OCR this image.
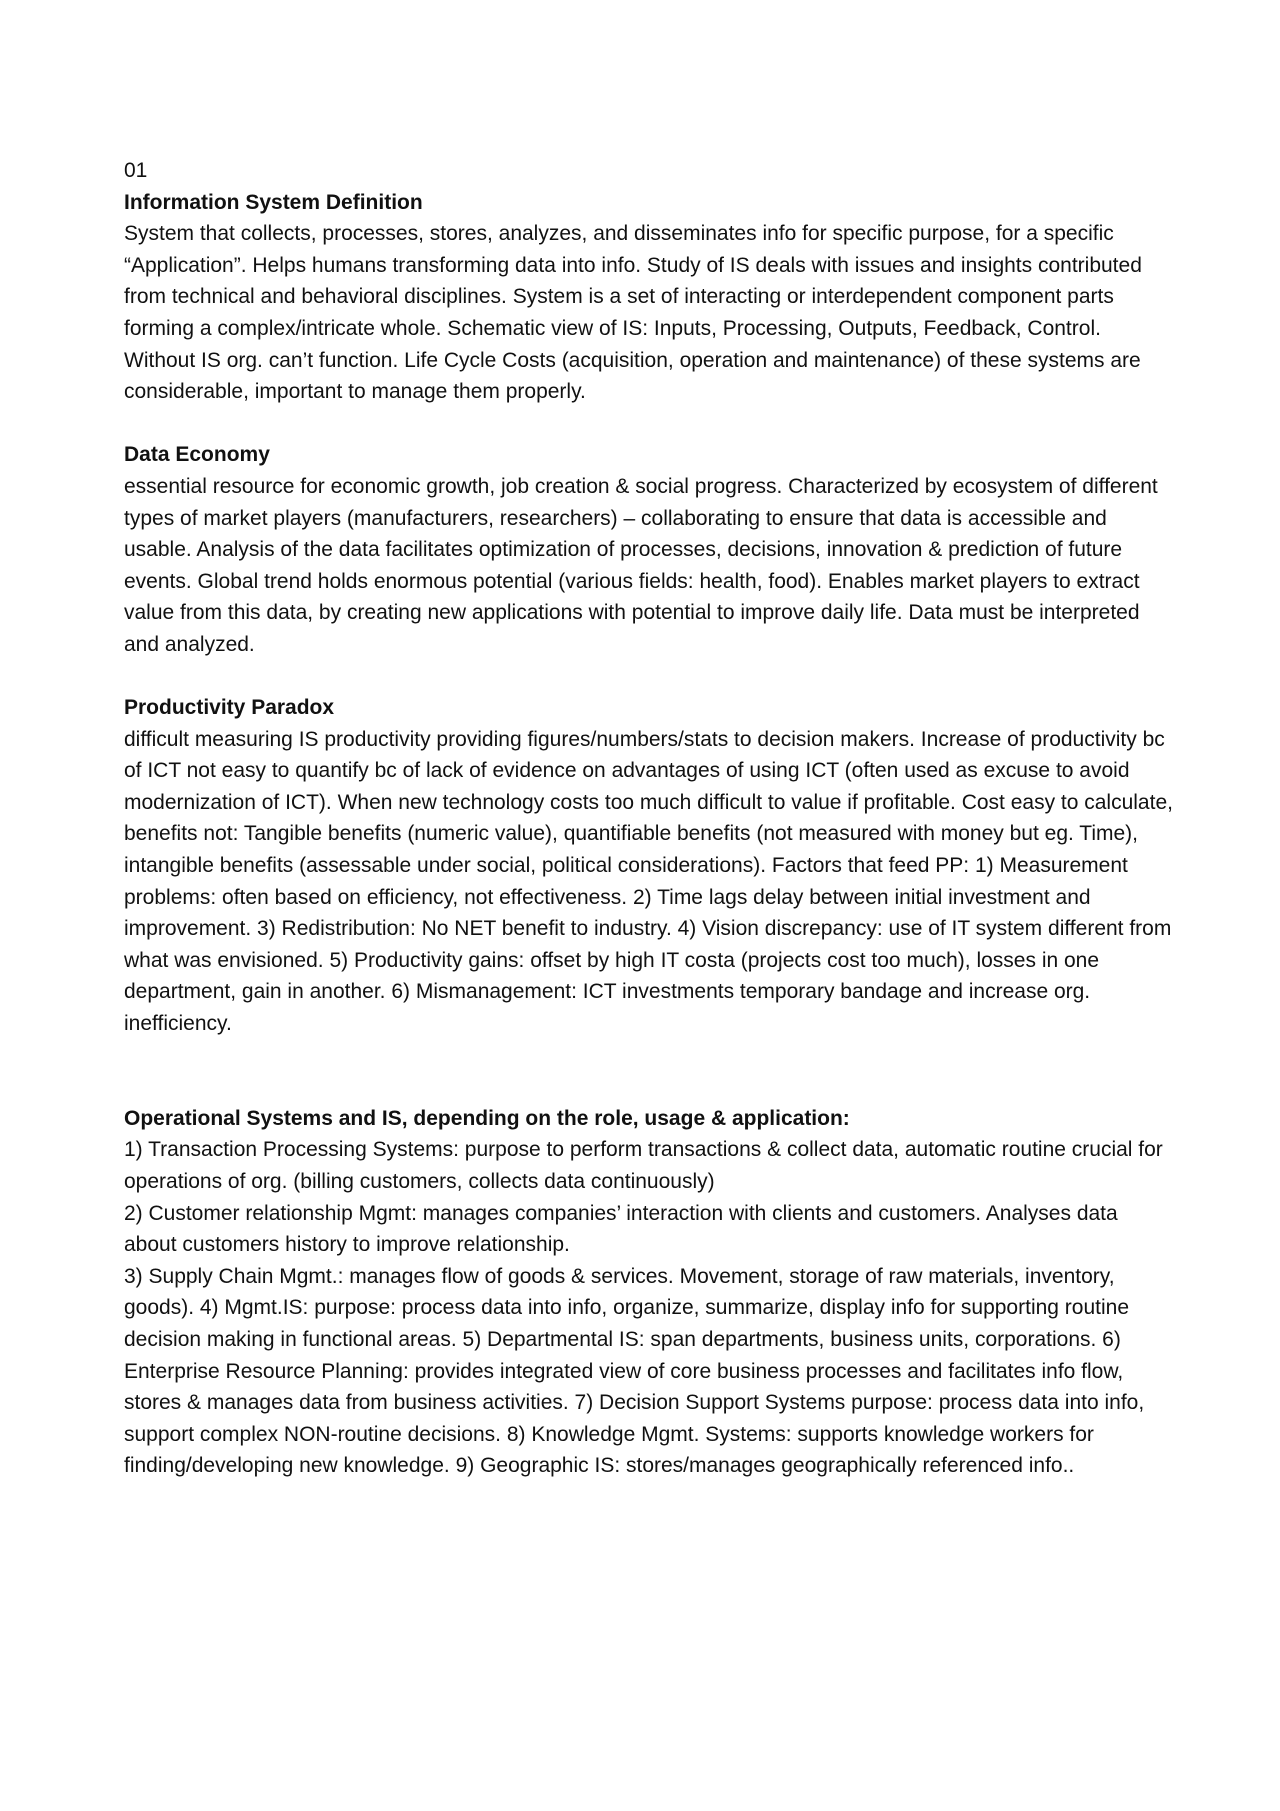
01
Information System Definition
System that collects, processes, stores, analyzes, and disseminates info for specific purpose, for a specific “Application”. Helps humans transforming data into info. Study of IS deals with issues and insights contributed from technical and behavioral disciplines. System is a set of interacting or interdependent component parts forming a complex/intricate whole. Schematic view of IS: Inputs, Processing, Outputs, Feedback, Control. Without IS org. can’t function. Life Cycle Costs (acquisition, operation and maintenance) of these systems are considerable, important to manage them properly.
Data Economy
essential resource for economic growth, job creation & social progress. Characterized by ecosystem of different types of market players (manufacturers, researchers) – collaborating to ensure that data is accessible and usable. Analysis of the data facilitates optimization of processes, decisions, innovation & prediction of future events. Global trend holds enormous potential (various fields: health, food). Enables market players to extract value from this data, by creating new applications with potential to improve daily life. Data must be interpreted and analyzed.
Productivity Paradox
difficult measuring IS productivity providing figures/numbers/stats to decision makers. Increase of productivity bc of ICT not easy to quantify bc of lack of evidence on advantages of using ICT (often used as excuse to avoid modernization of ICT). When new technology costs too much difficult to value if profitable. Cost easy to calculate, benefits not: Tangible benefits (numeric value), quantifiable benefits (not measured with money but eg. Time), intangible benefits (assessable under social, political considerations). Factors that feed PP: 1) Measurement problems: often based on efficiency, not effectiveness. 2) Time lags delay between initial investment and improvement. 3) Redistribution: No NET benefit to industry. 4) Vision discrepancy: use of IT system different from what was envisioned. 5) Productivity gains: offset by high IT costa (projects cost too much), losses in one department, gain in another. 6) Mismanagement: ICT investments temporary bandage and increase org. inefficiency.
Operational Systems and IS, depending on the role, usage & application:
1) Transaction Processing Systems: purpose to perform transactions & collect data, automatic routine crucial for operations of org. (billing customers, collects data continuously)
2) Customer relationship Mgmt: manages companies’ interaction with clients and customers. Analyses data about customers history to improve relationship.
3) Supply Chain Mgmt.: manages flow of goods & services. Movement, storage of raw materials, inventory, goods). 4) Mgmt.IS: purpose: process data into info, organize, summarize, display info for supporting routine decision making in functional areas. 5) Departmental IS: span departments, business units, corporations. 6) Enterprise Resource Planning: provides integrated view of core business processes and facilitates info flow, stores & manages data from business activities. 7) Decision Support Systems purpose: process data into info, support complex NON-routine decisions. 8) Knowledge Mgmt. Systems: supports knowledge workers for finding/developing new knowledge. 9) Geographic IS: stores/manages geographically referenced info..
